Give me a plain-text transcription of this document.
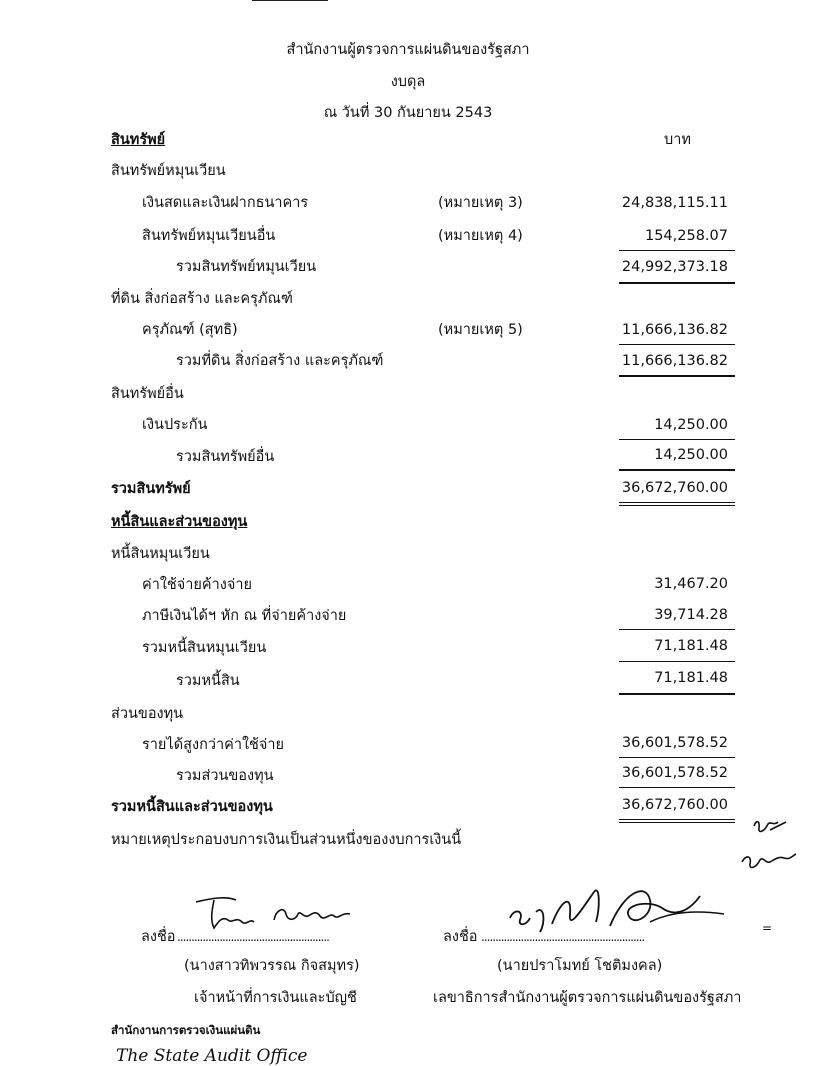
สำนักงานผู้ตรวจการแผ่นดินของรัฐสภา
งบดุล
ณ วันที่ 30 กันยายน 2543
สินทรัพย์	บาท
สินทรัพย์หมุนเวียน
เงินสดและเงินฝากธนาคาร	(หมายเหตุ 3)	24,838,115.11
สินทรัพย์หมุนเวียนอื่น	(หมายเหตุ 4)	154,258.07
รวมสินทรัพย์หมุนเวียน	24,992,373.18
ที่ดิน สิ่งก่อสร้าง และครุภัณฑ์
ครุภัณฑ์ (สุทธิ)	(หมายเหตุ 5)	11,666,136.82
รวมที่ดิน สิ่งก่อสร้าง และครุภัณฑ์	11,666,136.82
สินทรัพย์อื่น
เงินประกัน	14,250.00
รวมสินทรัพย์อื่น	14,250.00
รวมสินทรัพย์	36,672,760.00
หนี้สินและส่วนของทุน
หนี้สินหมุนเวียน
ค่าใช้จ่ายค้างจ่าย	31,467.20
ภาษีเงินได้ฯ หัก ณ ที่จ่ายค้างจ่าย	39,714.28
รวมหนี้สินหมุนเวียน	71,181.48
รวมหนี้สิน	71,181.48
ส่วนของทุน
รายได้สูงกว่าค่าใช้จ่าย	36,601,578.52
รวมส่วนของทุน	36,601,578.52
รวมหนี้สินและส่วนของทุน	36,672,760.00
หมายเหตุประกอบงบการเงินเป็นส่วนหนึ่งของงบการเงินนี้
ลงชื่อ ......................................................
(นางสาวทิพวรรณ กิจสมุทร)
เจ้าหน้าที่การเงินและบัญชี
ลงชื่อ ..........................................................
(นายปราโมทย์ โชติมงคล)
เลขาธิการสำนักงานผู้ตรวจการแผ่นดินของรัฐสภา
=
สำนักงานการตรวจเงินแผ่นดิน
The State Audit Office
